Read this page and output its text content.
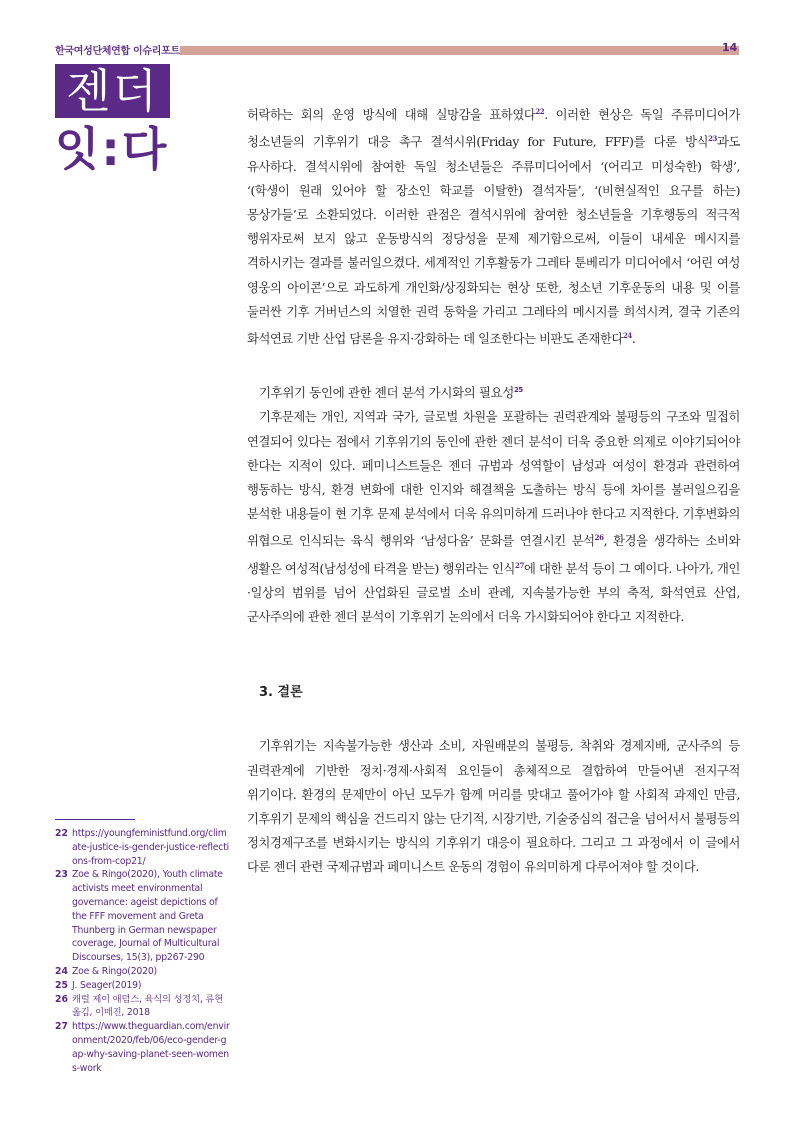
한국여성단체연합 이슈리포트	14
젠더
잇:다

허락하는 회의 운영 방식에 대해 실망감을 표하였다$^{22}$. 이러한 현상은 독일 주류미디어가 청소년들의 기후위기 대응 촉구 결석시위(Friday for Future, FFF)를 다룬 방식$^{23}$과도 유사하다. 결석시위에 참여한 독일 청소년들은 주류미디어에서 ‘(어리고 미성숙한) 학생’, ‘(학생이 원래 있어야 할 장소인 학교를 이탈한) 결석자들’, ‘(비현실적인 요구를 하는) 몽상가들’로 소환되었다. 이러한 관점은 결석시위에 참여한 청소년들을 기후행동의 적극적 행위자로써 보지 않고 운동방식의 정당성을 문제 제기함으로써, 이들이 내세운 메시지를 격하시키는 결과를 불러일으켰다. 세계적인 기후활동가 그레타 툰베리가 미디어에서 ‘어린 여성 영웅의 아이콘’으로 과도하게 개인화/상징화되는 현상 또한, 청소년 기후운동의 내용 및 이를 둘러싼 기후 거버넌스의 치열한 권력 동학을 가리고 그레타의 메시지를 희석시켜, 결국 기존의 화석연료 기반 산업 담론을 유지·강화하는 데 일조한다는 비판도 존재한다$^{24}$.

기후위기 동인에 관한 젠더 분석 가시화의 필요성$^{25}$

기후문제는 개인, 지역과 국가, 글로벌 차원을 포괄하는 권력관계와 불평등의 구조와 밀접히 연결되어 있다는 점에서 기후위기의 동인에 관한 젠더 분석이 더욱 중요한 의제로 이야기되어야 한다는 지적이 있다. 페미니스트들은 젠더 규범과 성역할이 남성과 여성이 환경과 관련하여 행동하는 방식, 환경 변화에 대한 인지와 해결책을 도출하는 방식 등에 차이를 불러일으킴을 분석한 내용들이 현 기후 문제 분석에서 더욱 유의미하게 드러나야 한다고 지적한다. 기후변화의 위협으로 인식되는 육식 행위와 ‘남성다움’ 문화를 연결시킨 분석$^{26}$, 환경을 생각하는 소비와 생활은 여성적(남성성에 타격을 받는) 행위라는 인식$^{27}$에 대한 분석 등이 그 예이다. 나아가, 개인·일상의 범위를 넘어 산업화된 글로벌 소비 관례, 지속불가능한 부의 축적, 화석연료 산업, 군사주의에 관한 젠더 분석이 기후위기 논의에서 더욱 가시화되어야 한다고 지적한다.

3. 결론

기후위기는 지속불가능한 생산과 소비, 자원배분의 불평등, 착취와 경제지배, 군사주의 등 권력관계에 기반한 정치·경제·사회적 요인들이 총체적으로 결합하여 만들어낸 전지구적 위기이다. 환경의 문제만이 아닌 모두가 함께 머리를 맞대고 풀어가야 할 사회적 과제인 만큼, 기후위기 문제의 핵심을 건드리지 않는 단기적, 시장기반, 기술중심의 접근을 넘어서서 불평등의 정치경제구조를 변화시키는 방식의 기후위기 대응이 필요하다. 그리고 그 과정에서 이 글에서 다룬 젠더 관련 국제규범과 페미니스트 운동의 경험이 유의미하게 다루어져야 할 것이다.

22 https://youngfeministfund.org/climate-justice-is-gender-justice-reflections-from-cop21/
23 Zoe & Ringo(2020), Youth climate activists meet environmental governance: ageist depictions of the FFF movement and Greta Thunberg in German newspaper coverage, Journal of Multicultural Discourses, 15(3), pp267-290
24 Zoe & Ringo(2020)
25 J. Seager(2019)
26 캐럴 제이 애덤스, 육식의 성정치, 류현 옮김, 이매진, 2018
27 https://www.theguardian.com/environment/2020/feb/06/eco-gender-gap-why-saving-planet-seen-womens-work
